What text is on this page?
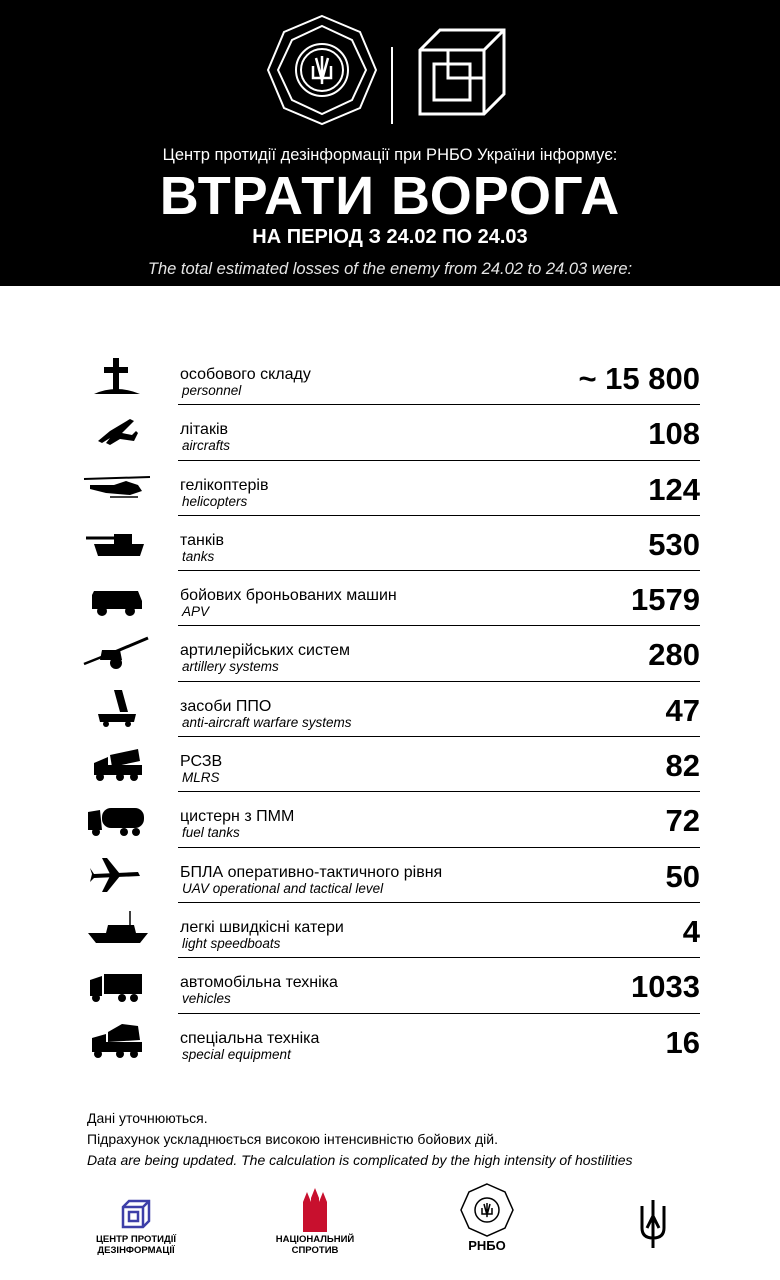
Центр протидії дезінформації при РНБО України інформує:
ВТРАТИ ВОРОГА
НА ПЕРІОД З 24.02 ПО 24.03
The total estimated losses of the enemy from 24.02 to 24.03 were:
особового складу
personnel	~ 15 800
літаків
aircrafts	108
гелікоптерів
helicopters	124
танків
tanks	530
бойових броньованих машин
APV	1579
артилерійських систем
artillery systems	280
засоби ППО
anti-aircraft warfare systems	47
РСЗВ
MLRS	82
цистерн з ПММ
fuel tanks	72
БПЛА оперативно-тактичного рівня
UAV operational and tactical level	50
легкі швидкісні катери
light speedboats	4
автомобільна техніка
vehicles	1033
спеціальна техніка
special equipment	16
Дані уточнюються.
Підрахунок ускладнюється високою інтенсивністю бойових дій.
Data are being updated. The calculation is complicated by the high intensity of hostilities
ЦЕНТР ПРОТИДІЇ
ДЕЗІНФОРМАЦІЇ
НАЦІОНАЛЬНИЙ
СПРОТИВ	РНБО
